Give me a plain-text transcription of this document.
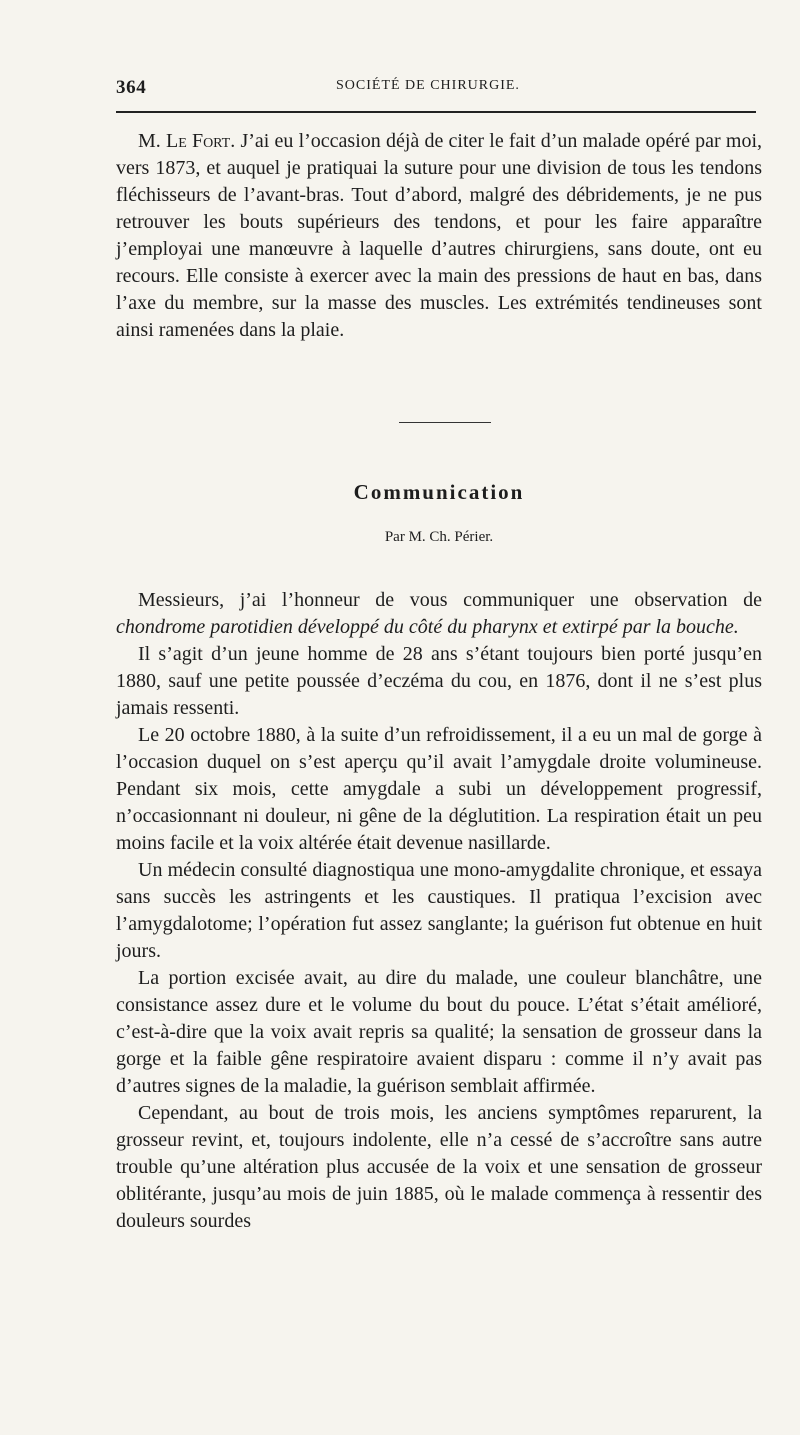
364	SOCIÉTÉ DE CHIRURGIE.

M. Le Fort. J’ai eu l’occasion déjà de citer le fait d’un malade opéré par moi, vers 1873, et auquel je pratiquai la suture pour une division de tous les tendons fléchisseurs de l’avant-bras. Tout d’abord, malgré des débridements, je ne pus retrouver les bouts supérieurs des tendons, et pour les faire apparaître j’employai une manœuvre à laquelle d’autres chirurgiens, sans doute, ont eu recours. Elle consiste à exercer avec la main des pressions de haut en bas, dans l’axe du membre, sur la masse des muscles. Les extrémités tendineuses sont ainsi ramenées dans la plaie.

Communication
Par M. Ch. Périer.

Messieurs, j’ai l’honneur de vous communiquer une observation de chondrome parotidien développé du côté du pharynx et extirpé par la bouche.

Il s’agit d’un jeune homme de 28 ans s’étant toujours bien porté jusqu’en 1880, sauf une petite poussée d’eczéma du cou, en 1876, dont il ne s’est plus jamais ressenti.

Le 20 octobre 1880, à la suite d’un refroidissement, il a eu un mal de gorge à l’occasion duquel on s’est aperçu qu’il avait l’amygdale droite volumineuse. Pendant six mois, cette amygdale a subi un développement progressif, n’occasionnant ni douleur, ni gêne de la déglutition. La respiration était un peu moins facile et la voix altérée était devenue nasillarde.

Un médecin consulté diagnostiqua une mono-amygdalite chronique, et essaya sans succès les astringents et les caustiques. Il pratiqua l’excision avec l’amygdalotome; l’opération fut assez sanglante; la guérison fut obtenue en huit jours.

La portion excisée avait, au dire du malade, une couleur blanchâtre, une consistance assez dure et le volume du bout du pouce. L’état s’était amélioré, c’est-à-dire que la voix avait repris sa qualité; la sensation de grosseur dans la gorge et la faible gêne respiratoire avaient disparu : comme il n’y avait pas d’autres signes de la maladie, la guérison semblait affirmée.

Cependant, au bout de trois mois, les anciens symptômes reparurent, la grosseur revint, et, toujours indolente, elle n’a cessé de s’accroître sans autre trouble qu’une altération plus accusée de la voix et une sensation de grosseur oblitérante, jusqu’au mois de juin 1885, où le malade commença à ressentir des douleurs sourdes
